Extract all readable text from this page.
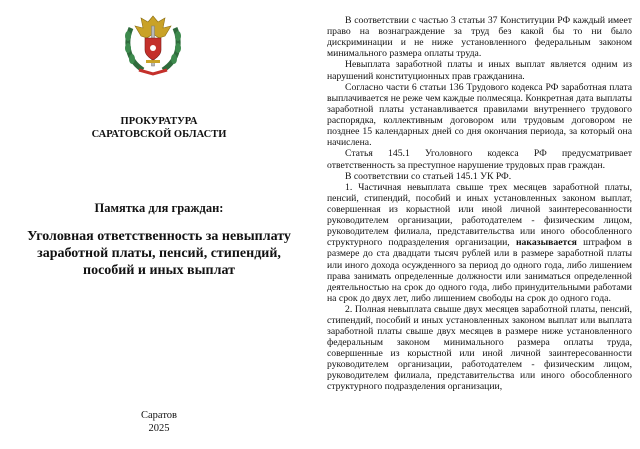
ПРОКУРАТУРА
САРАТОВСКОЙ ОБЛАСТИ
Памятка для граждан:
Уголовная ответственность за невыплату заработной платы, пенсий, стипендий, пособий и иных выплат
Саратов
2025

В соответствии с частью 3 статьи 37 Конституции РФ каждый имеет право на вознаграждение за труд без какой бы то ни было дискриминации и не ниже установленного федеральным законом минимального размера оплаты труда.

Невыплата заработной платы и иных выплат является одним из нарушений конституционных прав гражданина.

Согласно части 6 статьи 136 Трудового кодекса РФ заработная плата выплачивается не реже чем каждые полмесяца. Конкретная дата выплаты заработной платы устанавливается правилами внутреннего трудового распорядка, коллективным договором или трудовым договором не позднее 15 календарных дней со дня окончания периода, за который она начислена.

Статья 145.1 Уголовного кодекса РФ предусматривает ответственность за преступное нарушение трудовых прав граждан.

В соответствии со статьей 145.1 УК РФ.

1. Частичная невыплата свыше трех месяцев заработной платы, пенсий, стипендий, пособий и иных установленных законом выплат, совершенная из корыстной или иной личной заинтересованности руководителем организации, работодателем - физическим лицом, руководителем филиала, представительства или иного обособленного структурного подразделения организации, наказывается штрафом в размере до ста двадцати тысяч рублей или в размере заработной платы или иного дохода осужденного за период до одного года, либо лишением права занимать определенные должности или заниматься определенной деятельностью на срок до одного года, либо принудительными работами на срок до двух лет, либо лишением свободы на срок до одного года.

2. Полная невыплата свыше двух месяцев заработной платы, пенсий, стипендий, пособий и иных установленных законом выплат или выплата заработной платы свыше двух месяцев в размере ниже установленного федеральным законом минимального размера оплаты труда, совершенные из корыстной или иной личной заинтересованности руководителем организации, работодателем - физическим лицом, руководителем филиала, представительства или иного обособленного структурного подразделения организации,
